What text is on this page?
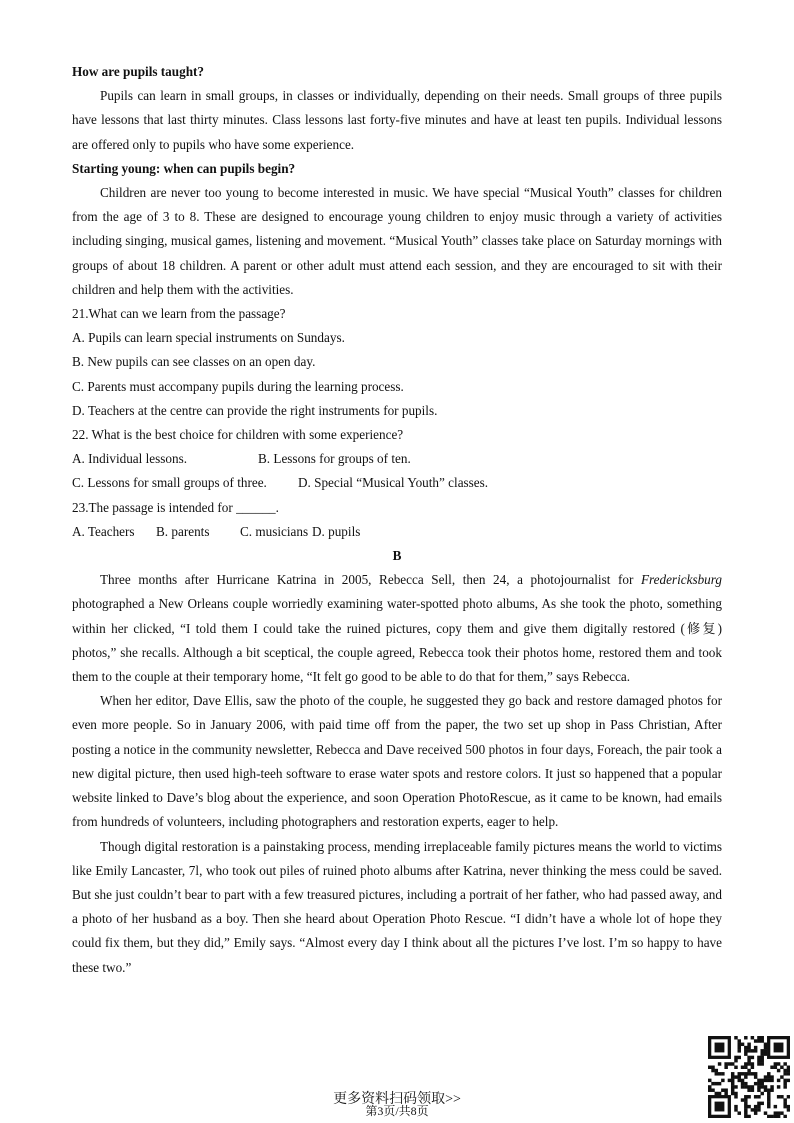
How are pupils taught?
Pupils can learn in small groups, in classes or individually, depending on their needs. Small groups of three pupils have lessons that last thirty minutes. Class lessons last forty-five minutes and have at least ten pupils. Individual lessons are offered only to pupils who have some experience.
Starting young: when can pupils begin?
Children are never too young to become interested in music. We have special “Musical Youth” classes for children from the age of 3 to 8. These are designed to encourage young children to enjoy music through a variety of activities including singing, musical games, listening and movement. “Musical Youth” classes take place on Saturday mornings with groups of about 18 children. A parent or other adult must attend each session, and they are encouraged to sit with their children and help them with the activities.
21.What can we learn from the passage?
A. Pupils can learn special instruments on Sundays.
B. New pupils can see classes on an open day.
C. Parents must accompany pupils during the learning process.
D. Teachers at the centre can provide the right instruments for pupils.
22. What is the best choice for children with some experience?
A. Individual lessons.	B. Lessons for groups of ten.
C. Lessons for small groups of three. D. Special “Musical Youth” classes.
23.The passage is intended for ______.
A. Teachers B. parents C. musicians D. pupils
B
Three months after Hurricane Katrina in 2005, Rebecca Sell, then 24, a photojournalist for Fredericksburg photographed a New Orleans couple worriedly examining water-spotted photo albums, As she took the photo, something within her clicked, “I told them I could take the ruined pictures, copy them and give them digitally restored (修复) photos,” she recalls. Although a bit sceptical, the couple agreed, Rebecca took their photos home, restored them and took them to the couple at their temporary home, “It felt go good to be able to do that for them,” says Rebecca.
When her editor, Dave Ellis, saw the photo of the couple, he suggested they go back and restore damaged photos for even more people. So in January 2006, with paid time off from the paper, the two set up shop in Pass Christian, After posting a notice in the community newsletter, Rebecca and Dave received 500 photos in four days, Foreach, the pair took a new digital picture, then used high-teeh software to erase water spots and restore colors. It just so happened that a popular website linked to Dave’s blog about the experience, and soon Operation PhotoRescue, as it came to be known, had emails from hundreds of volunteers, including photographers and restoration experts, eager to help.
Though digital restoration is a painstaking process, mending irreplaceable family pictures means the world to victims like Emily Lancaster, 7l, who took out piles of ruined photo albums after Katrina, never thinking the mess could be saved. But she just couldn’t bear to part with a few treasured pictures, including a portrait of her father, who had passed away, and a photo of her husband as a boy. Then she heard about Operation Photo Rescue. “I didn’t have a whole lot of hope they could fix them, but they did,” Emily says. “Almost every day I think about all the pictures I’ve lost. I’m so happy to have these two.”
更多资料扫码领取>>
第3页/共8页
